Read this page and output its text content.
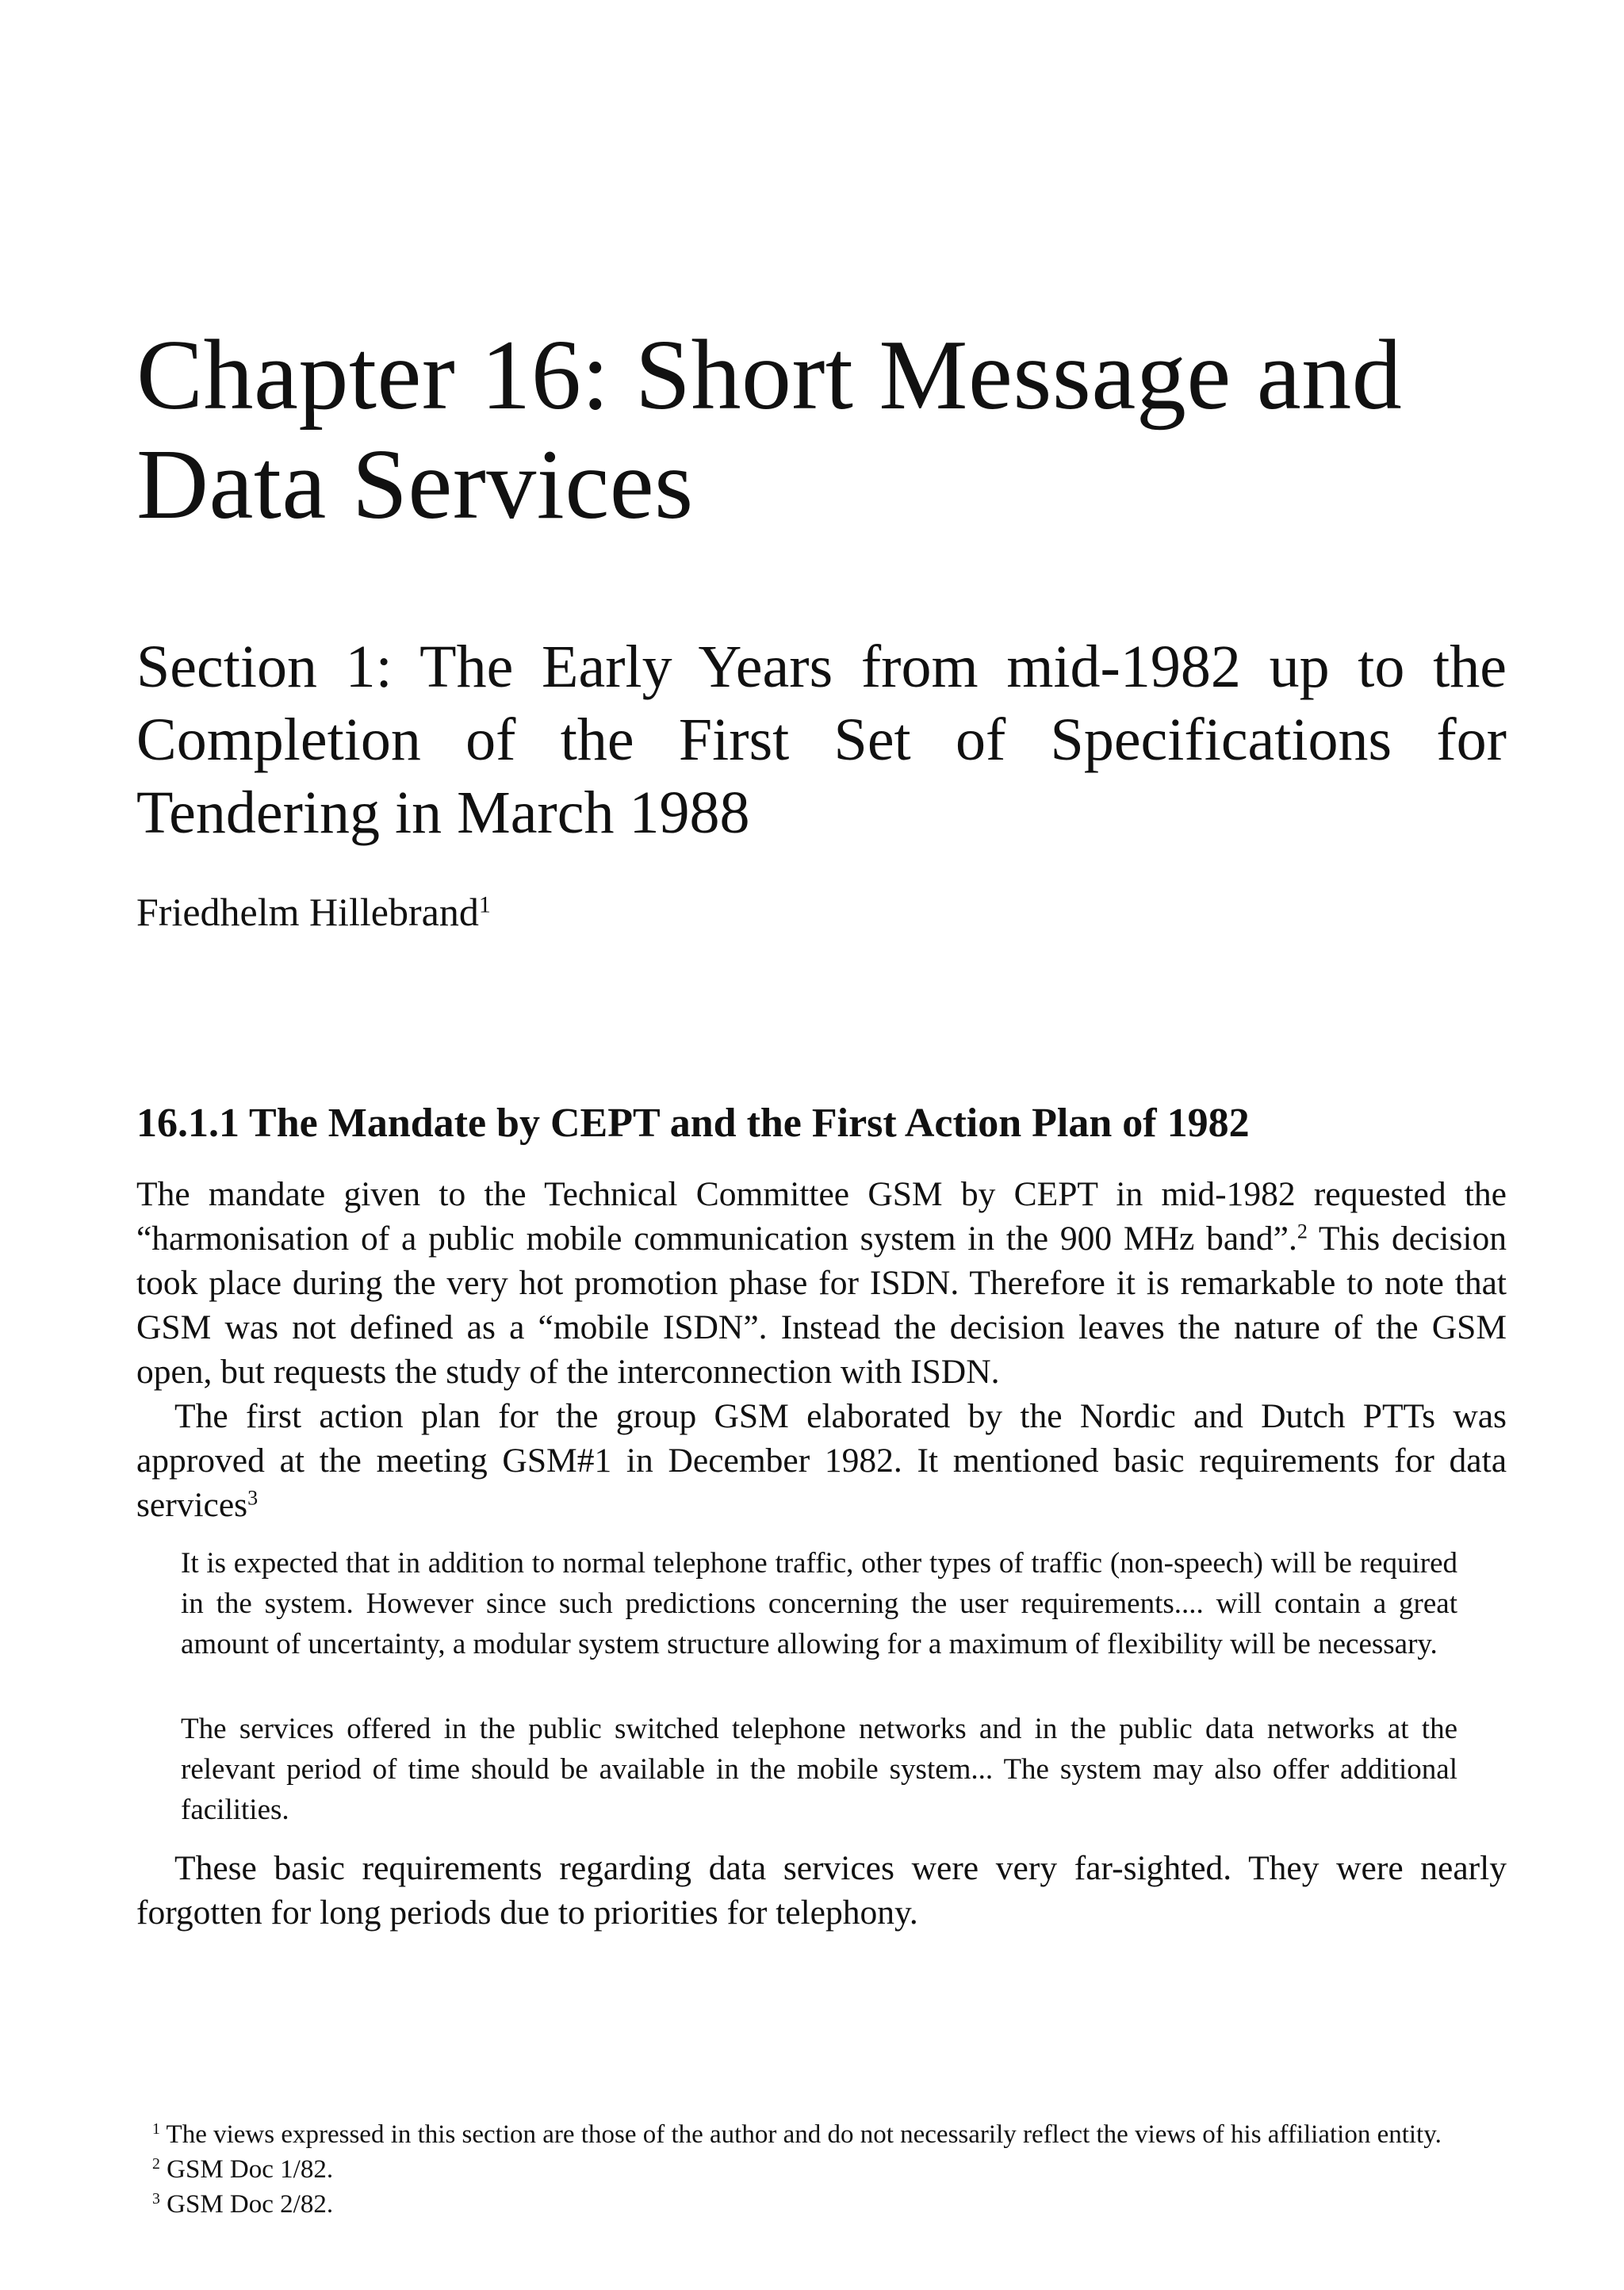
Chapter 16: Short Message and
Data Services
Section 1: The Early Years from mid-1982 up to the Completion of the First Set of Specifications for Tendering in March 1988

Friedhelm Hillebrand$^1$

16.1.1 The Mandate by CEPT and the First Action Plan of 1982

The mandate given to the Technical Committee GSM by CEPT in mid-1982 requested the “harmonisation of a public mobile communication system in the 900 MHz band”.$^2$ This decision took place during the very hot promotion phase for ISDN. Therefore it is remarkable to note that GSM was not defined as a “mobile ISDN”. Instead the decision leaves the nature of the GSM open, but requests the study of the interconnection with ISDN.

The first action plan for the group GSM elaborated by the Nordic and Dutch PTTs was approved at the meeting GSM#1 in December 1982. It mentioned basic requirements for data services$^3$

It is expected that in addition to normal telephone traffic, other types of traffic (non-speech) will be required in the system. However since such predictions concerning the user requirements.... will contain a great amount of uncertainty, a modular system structure allowing for a maximum of flexibility will be necessary.

The services offered in the public switched telephone networks and in the public data networks at the relevant period of time should be available in the mobile system... The system may also offer additional facilities.

These basic requirements regarding data services were very far-sighted. They were nearly forgotten for long periods due to priorities for telephony.

$^1$ The views expressed in this section are those of the author and do not necessarily reflect the views of his affiliation entity.

$^2$ GSM Doc 1/82.

$^3$ GSM Doc 2/82.
